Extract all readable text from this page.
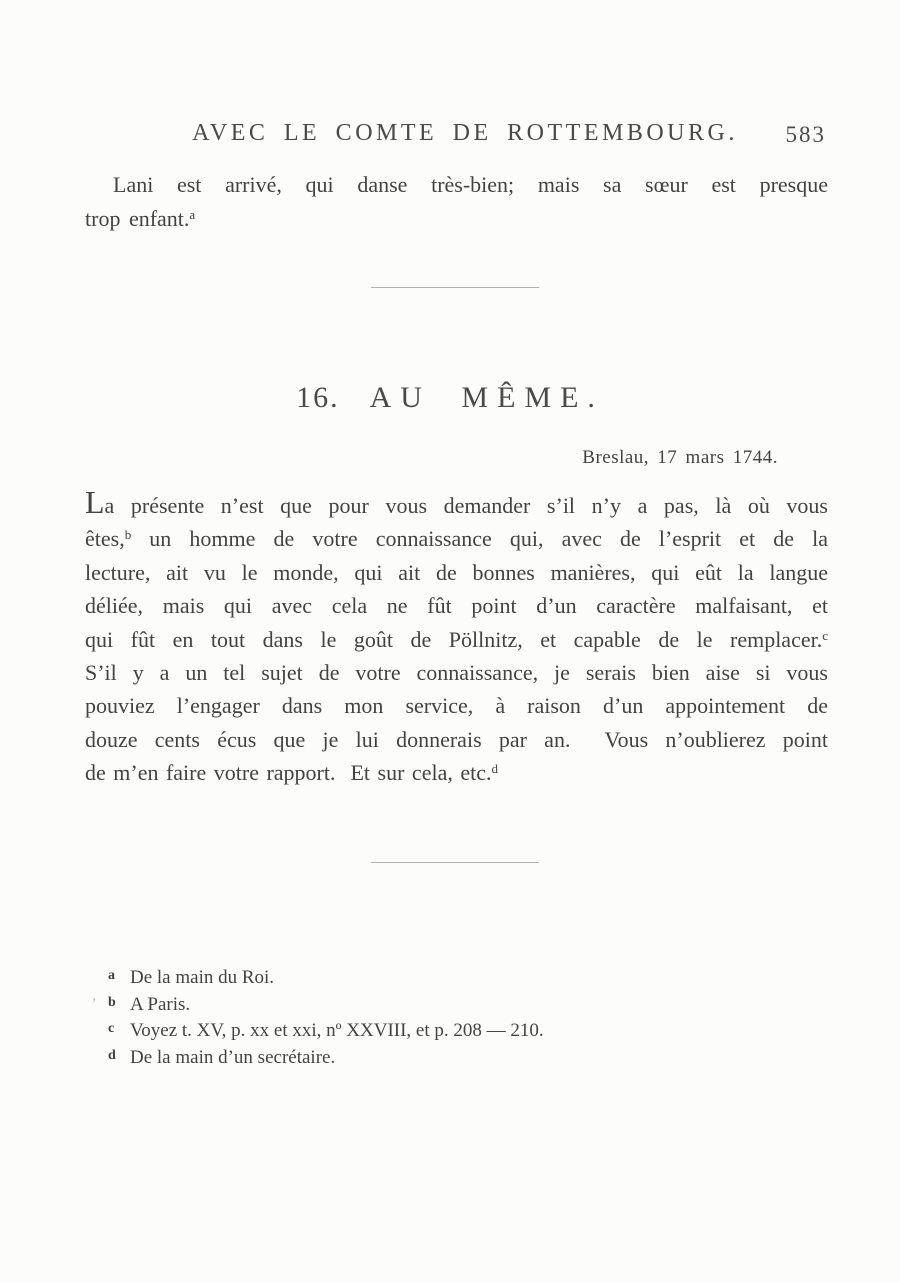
AVEC LE COMTE DE ROTTEMBOURG.	583
Lani est arrivé, qui danse très-bien; mais sa sœur est presque
trop enfant.$^a$
16. AU MÊME.
Breslau, 17 mars 1744.
La présente n’est que pour vous demander s’il n’y a pas, là où vous
êtes,$^b$ un homme de votre connaissance qui, avec de l’esprit et de la
lecture, ait vu le monde, qui ait de bonnes manières, qui eût la langue
déliée, mais qui avec cela ne fût point d’un caractère malfaisant, et
qui fût en tout dans le goût de Pöllnitz, et capable de le remplacer.$^c$
S’il y a un tel sujet de votre connaissance, je serais bien aise si vous
pouviez l’engager dans mon service, à raison d’un appointement de
douze cents écus que je lui donnerais par an.  Vous n’oublierez point
de m’en faire votre rapport.  Et sur cela, etc.$^d$
’
a De la main du Roi.
b A Paris.
c Voyez t. XV, p. xx et xxi, nº XXVIII, et p. 208 — 210.
d De la main d’un secrétaire.
